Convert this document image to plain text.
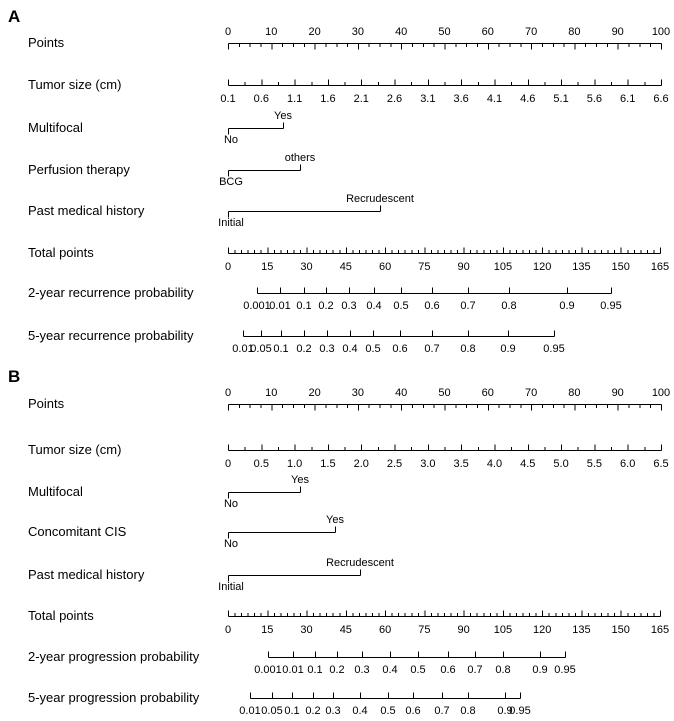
A
Points
0	10	20	30	40	50	60	70	80	90	100
Tumor size (cm)
0.1 0.6 1.1 1.6 2.1 2.6 3.1 3.6 4.1 4.6 5.1 5.6 6.1 6.6
Multifocal
No
Yes
Perfusion therapy
BCG
others
Past medical history
Initial
Recrudescent
Total points
0	15 30 45 60 75 90 105 120 135 150 165
2-year recurrence probability
0.001
0.01 0.1 0.2 0.3 0.4 0.5 0.6 0.7 0.8	0.9 0.95
5-year recurrence probability
0.01
0.05 0.1 0.2 0.3 0.4 0.5 0.6 0.7 0.8 0.9	0.95
B
Points
0	10	20	30	40	50	60	70	80	90	100
Tumor size (cm)
0 0.5 1.0 1.5 2.0 2.5 3.0 3.5 4.0 4.5 5.0 5.5 6.0 6.5
Multifocal
No
Yes
Concomitant CIS
No
Yes
Past medical history
Initial
Recrudescent
Total points
0	15 30 45 60 75 90 105 120 135 150 165
2-year progression probability
0.001 0.01 0.1 0.2 0.3 0.4 0.5 0.6 0.7 0.8 0.9 0.95
5-year progression probability
0.01 0.05 0.1 0.2 0.3 0.4 0.5 0.6 0.7 0.8 0.9
0.95
